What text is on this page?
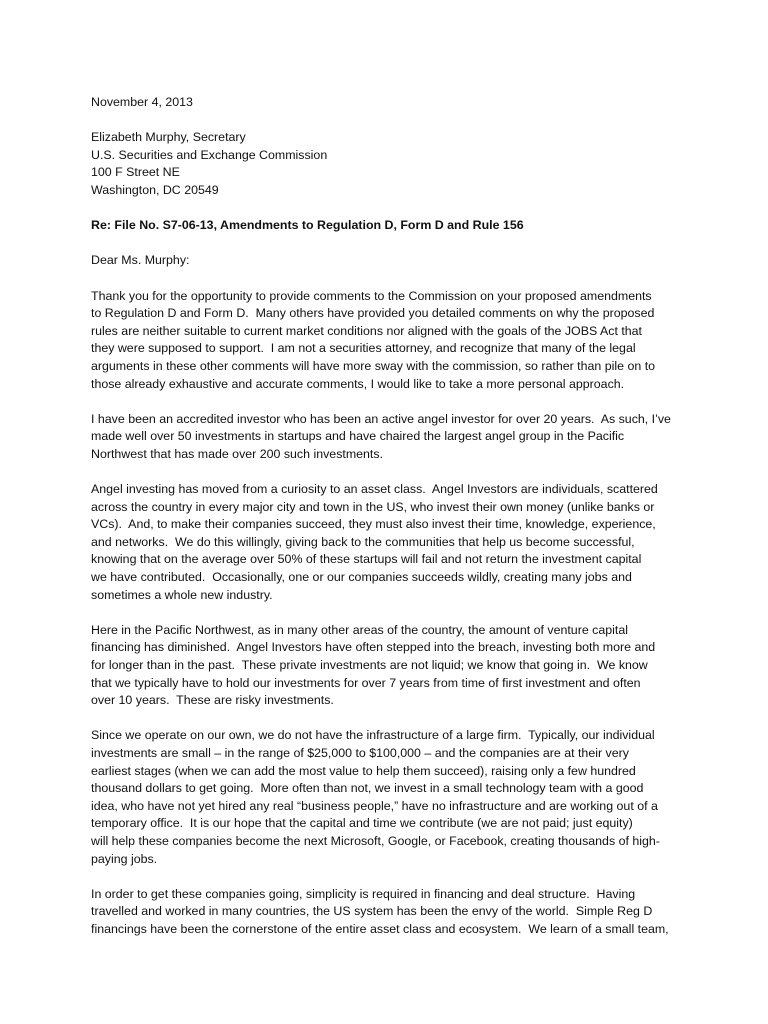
November 4, 2013
Elizabeth Murphy, Secretary
U.S. Securities and Exchange Commission
100 F Street NE
Washington, DC 20549
Re: File No. S7-06-13, Amendments to Regulation D, Form D and Rule 156
Dear Ms. Murphy:
Thank you for the opportunity to provide comments to the Commission on your proposed amendments
to Regulation D and Form D.  Many others have provided you detailed comments on why the proposed
rules are neither suitable to current market conditions nor aligned with the goals of the JOBS Act that
they were supposed to support.  I am not a securities attorney, and recognize that many of the legal
arguments in these other comments will have more sway with the commission, so rather than pile on to
those already exhaustive and accurate comments, I would like to take a more personal approach.
I have been an accredited investor who has been an active angel investor for over 20 years.  As such, I’ve
made well over 50 investments in startups and have chaired the largest angel group in the Pacific
Northwest that has made over 200 such investments.
Angel investing has moved from a curiosity to an asset class.  Angel Investors are individuals, scattered
across the country in every major city and town in the US, who invest their own money (unlike banks or
VCs).  And, to make their companies succeed, they must also invest their time, knowledge, experience,
and networks.  We do this willingly, giving back to the communities that help us become successful,
knowing that on the average over 50% of these startups will fail and not return the investment capital
we have contributed.  Occasionally, one or our companies succeeds wildly, creating many jobs and
sometimes a whole new industry.
Here in the Pacific Northwest, as in many other areas of the country, the amount of venture capital
financing has diminished.  Angel Investors have often stepped into the breach, investing both more and
for longer than in the past.  These private investments are not liquid; we know that going in.  We know
that we typically have to hold our investments for over 7 years from time of first investment and often
over 10 years.  These are risky investments.
Since we operate on our own, we do not have the infrastructure of a large firm.  Typically, our individual
investments are small – in the range of $25,000 to $100,000 – and the companies are at their very
earliest stages (when we can add the most value to help them succeed), raising only a few hundred
thousand dollars to get going.  More often than not, we invest in a small technology team with a good
idea, who have not yet hired any real “business people,” have no infrastructure and are working out of a
temporary office.  It is our hope that the capital and time we contribute (we are not paid; just equity)
will help these companies become the next Microsoft, Google, or Facebook, creating thousands of high-
paying jobs.
In order to get these companies going, simplicity is required in financing and deal structure.  Having
travelled and worked in many countries, the US system has been the envy of the world.  Simple Reg D
financings have been the cornerstone of the entire asset class and ecosystem.  We learn of a small team,
